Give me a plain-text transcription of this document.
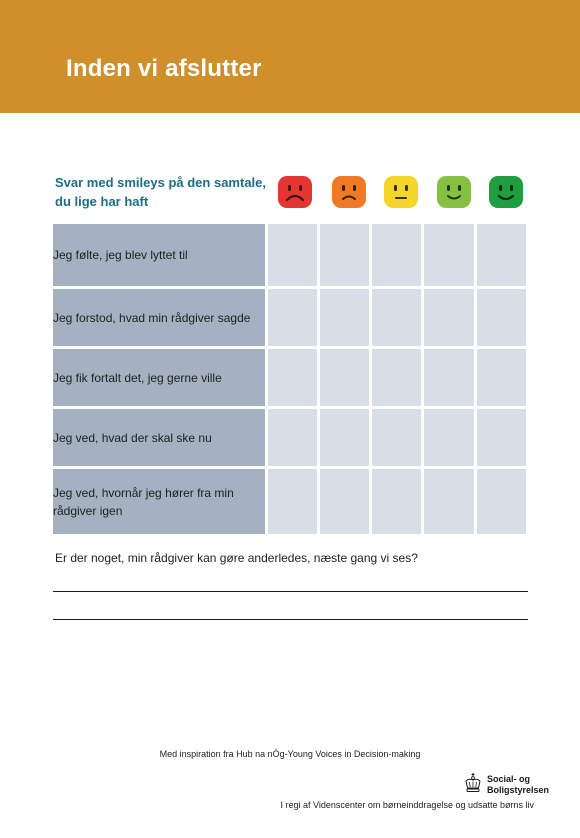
Inden vi afslutter
Svar med smileys på den samtale,
du lige har haft
Jeg følte, jeg blev lyttet til					
Jeg forstod, hvad min rådgiver sagde					
Jeg fik fortalt det, jeg gerne ville					
Jeg ved, hvad der skal ske nu					
Jeg ved, hvornår jeg hører fra min rådgiver igen					
Er der noget, min rådgiver kan gøre anderledes, næste gang vi ses?
Med inspiration fra Hub na nÓg-Young Voices in Decision-making
Social- og
Boligstyrelsen
I regi af Videnscenter om børneinddragelse og udsatte børns liv
